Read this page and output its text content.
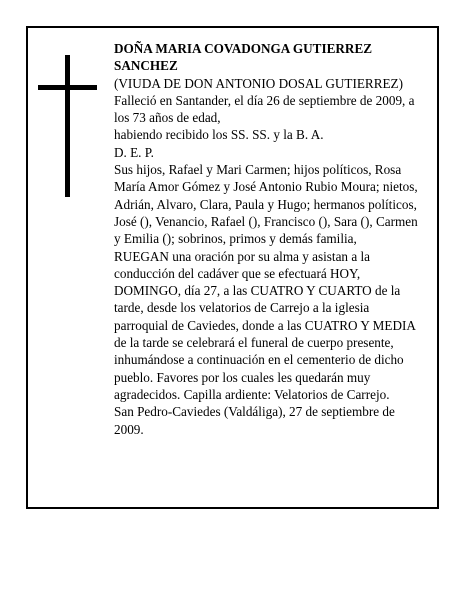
DOÑA MARIA COVADONGA GUTIERREZ SANCHEZ

(VIUDA DE DON ANTONIO DOSAL GUTIERREZ)

Falleció en Santander, el día 26 de septiembre de 2009, a los 73 años de edad,

habiendo recibido los SS. SS. y la B. A.

D. E. P.

Sus hijos, Rafael y Mari Carmen; hijos políticos, Rosa María Amor Gómez y José Antonio Rubio Moura; nietos, Adrián, Alvaro, Clara, Paula y Hugo; hermanos políticos, José (), Venancio, Rafael (), Francisco (), Sara (), Carmen y Emilia (); sobrinos, primos y demás familia,

RUEGAN una oración por su alma y asistan a la conducción del cadáver que se efectuará HOY, DOMINGO, día 27, a las CUATRO Y CUARTO de la tarde, desde los velatorios de Carrejo a la iglesia parroquial de Caviedes, donde a las CUATRO Y MEDIA de la tarde se celebrará el funeral de cuerpo presente, inhumándose a continuación en el cementerio de dicho pueblo. Favores por los cuales les quedarán muy agradecidos. Capilla ardiente: Velatorios de Carrejo.

San Pedro-Caviedes (Valdáliga), 27 de septiembre de 2009.
